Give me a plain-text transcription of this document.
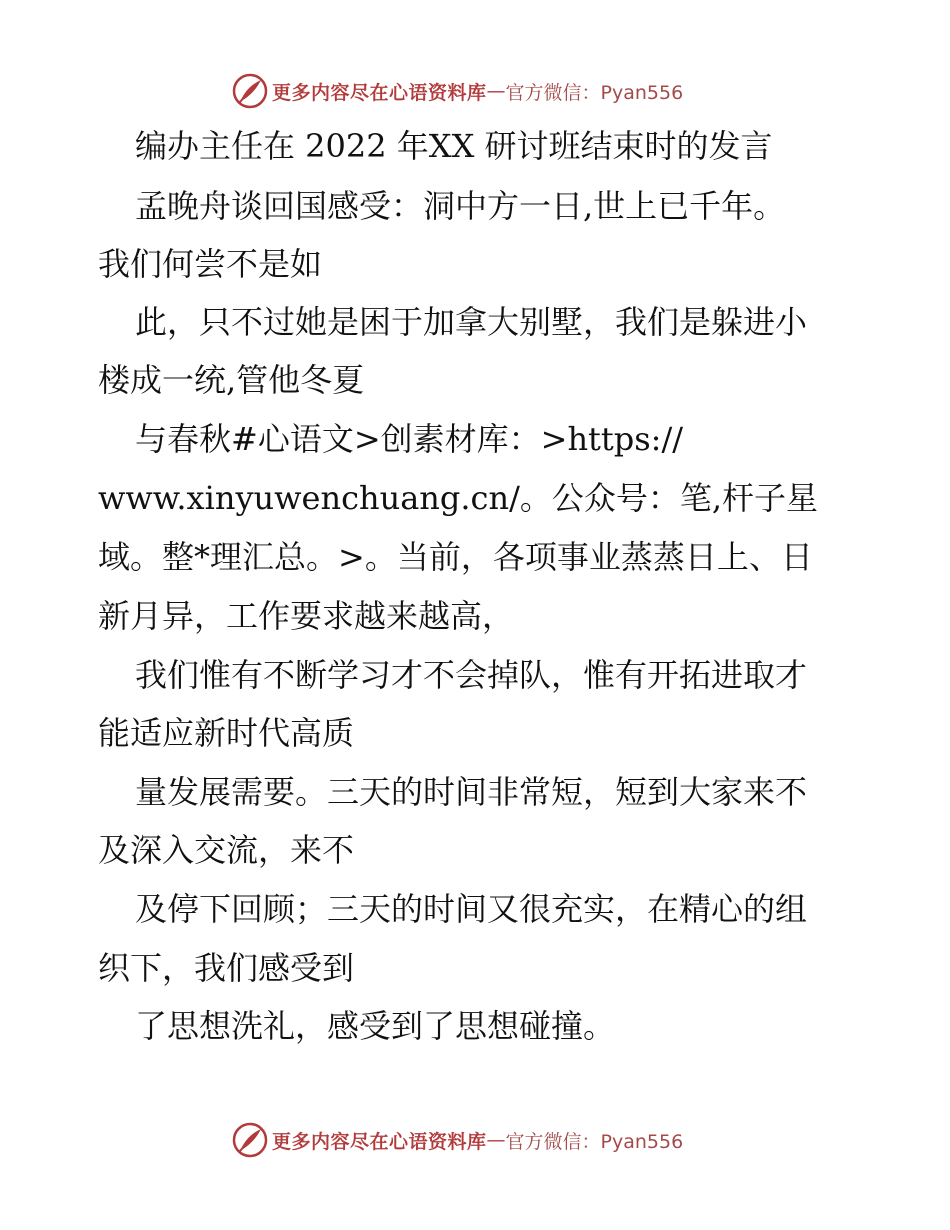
更多内容尽在心语资料库 — 官方微信：Pyan556
编办主任在 2022 年XX 研讨班结束时的发言
孟晚舟谈回国感受：洞中方一日,世上已千年。
我们何尝不是如
此，只不过她是困于加拿大别墅，我们是躲进小
楼成一统,管他冬夏
与春秋#心语文>创素材库：>https://
www.xinyuwenchuang.cn/。公众号：笔,杆子星
域。整*理汇总。>。当前，各项事业蒸蒸日上、日
新月异，工作要求越来越高，
我们惟有不断学习才不会掉队，惟有开拓进取才
能适应新时代高质
量发展需要。三天的时间非常短，短到大家来不
及深入交流，来不
及停下回顾；三天的时间又很充实，在精心的组
织下，我们感受到
了思想洗礼，感受到了思想碰撞。
更多内容尽在心语资料库 — 官方微信：Pyan556
